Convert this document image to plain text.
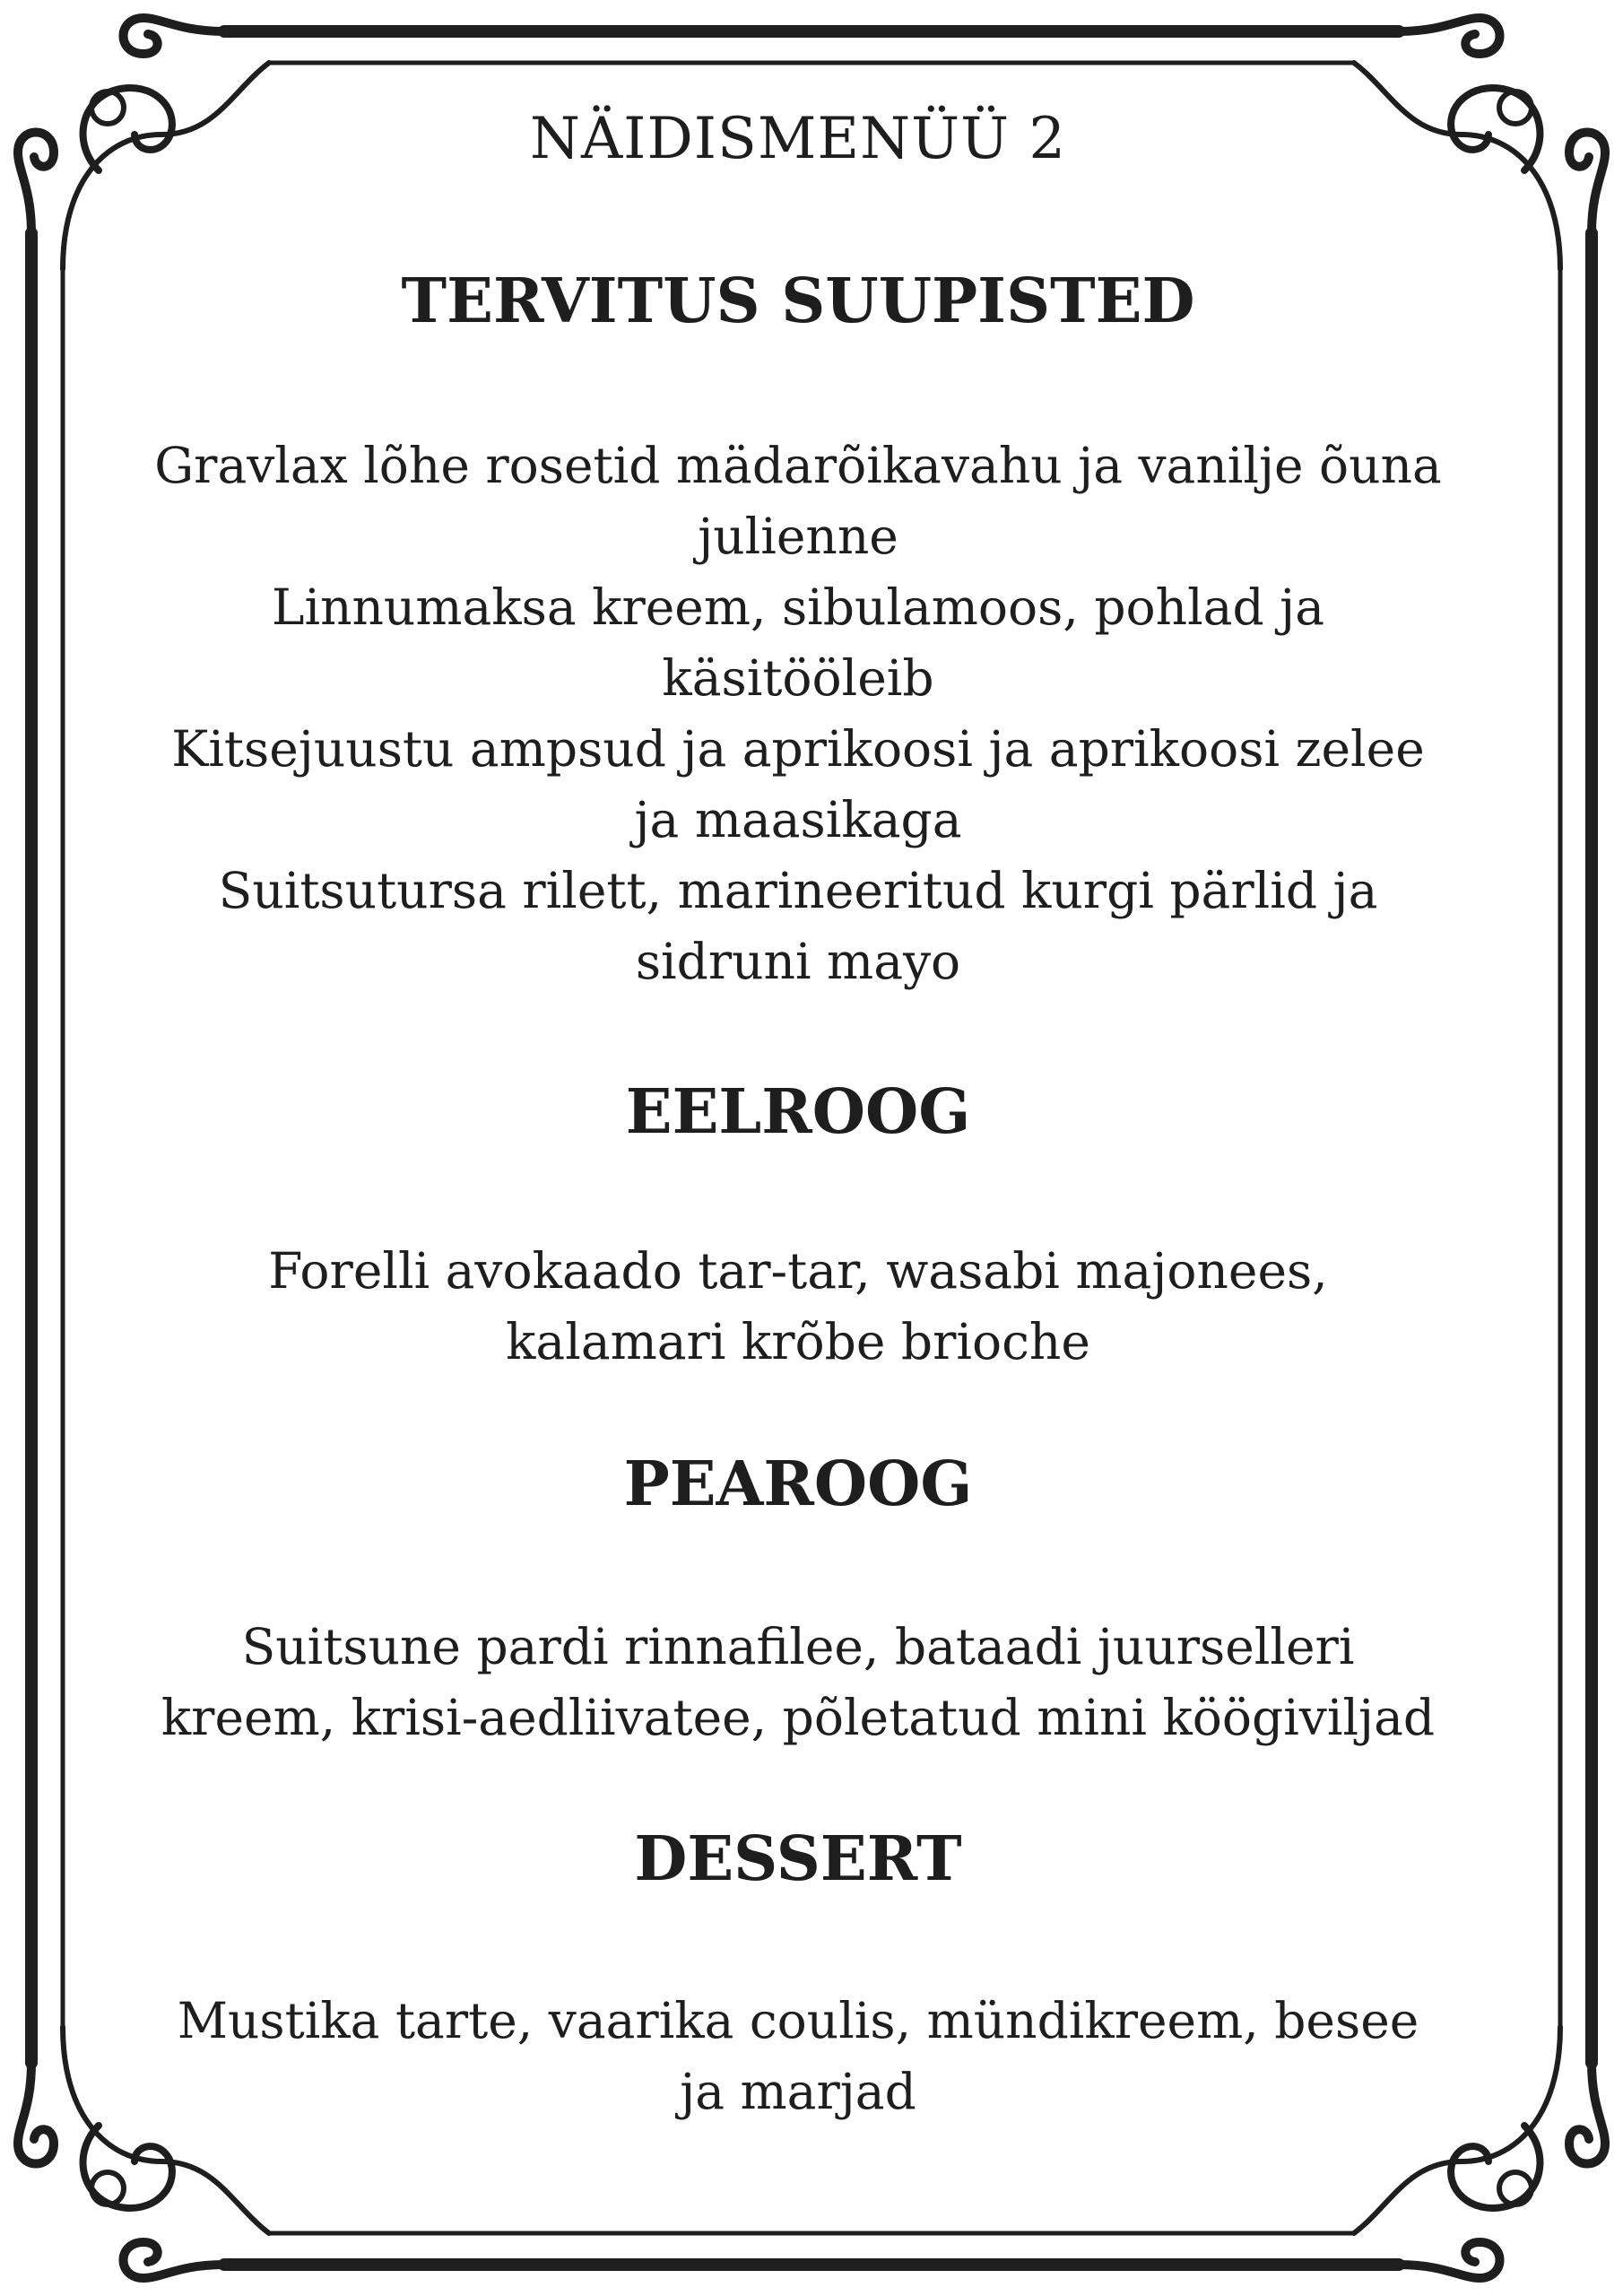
NÄIDISMENÜÜ 2
TERVITUS SUUPISTED
Gravlax lõhe rosetid mädarõikavahu ja vanilje õuna julienne
Linnumaksa kreem, sibulamoos, pohlad ja käsitööleib
Kitsejuustu ampsud ja aprikoosi ja aprikoosi zelee ja maasikaga
Suitsutursa rilett, marineeritud kurgi pärlid ja sidruni mayo
EELROOG
Forelli avokaado tar-tar, wasabi majonees, kalamari krõbe brioche
PEAROOG
Suitsune pardi rinnafilee, bataadi juurselleri kreem, krisi-aedliivatee, põletatud mini köögiviljad
DESSERT
Mustika tarte, vaarika coulis, mündikreem, besee ja marjad
